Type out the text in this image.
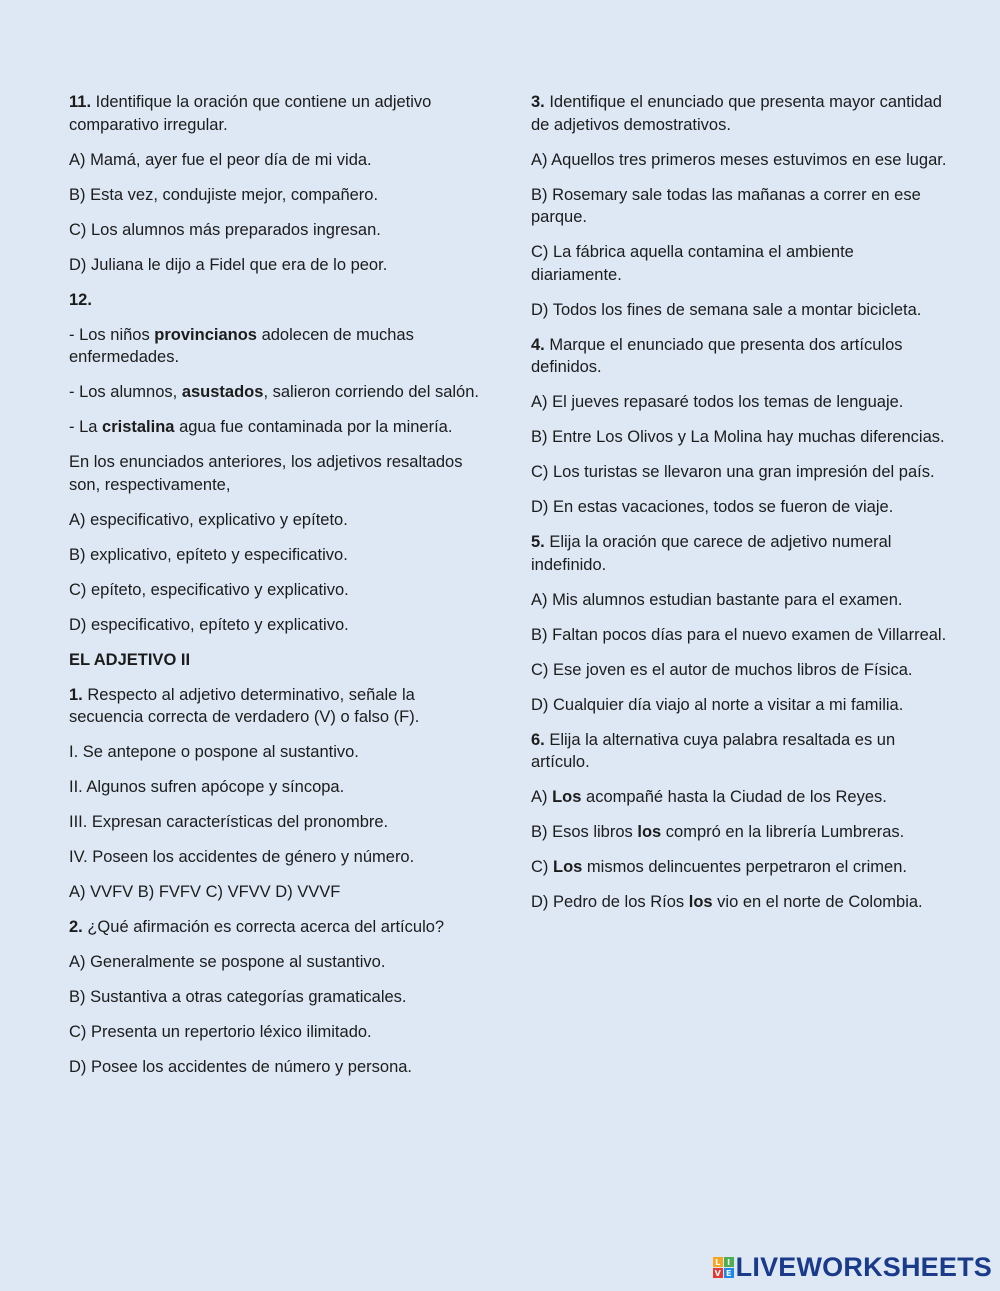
11. Identifique la oración que contiene un adjetivo comparativo irregular.

A) Mamá, ayer fue el peor día de mi vida.

B) Esta vez, condujiste mejor, compañero.

C) Los alumnos más preparados ingresan.

D) Juliana le dijo a Fidel que era de lo peor.

12.

- Los niños provincianos adolecen de muchas enfermedades.

- Los alumnos, asustados, salieron corriendo del salón.

- La cristalina agua fue contaminada por la minería.

En los enunciados anteriores, los adjetivos resaltados son, respectivamente,

A) especificativo, explicativo y epíteto.

B) explicativo, epíteto y especificativo.

C) epíteto, especificativo y explicativo.

D) especificativo, epíteto y explicativo.

EL ADJETIVO II

1. Respecto al adjetivo determinativo, señale la secuencia correcta de verdadero (V) o falso (F).

I. Se antepone o pospone al sustantivo.

II. Algunos sufren apócope y síncopa.

III. Expresan características del pronombre.

IV. Poseen los accidentes de género y número.

A) VVFV B) FVFV C) VFVV D) VVVF

2. ¿Qué afirmación es correcta acerca del artículo?

A) Generalmente se pospone al sustantivo.

B) Sustantiva a otras categorías gramaticales.

C) Presenta un repertorio léxico ilimitado.

D) Posee los accidentes de número y persona.

3. Identifique el enunciado que presenta mayor cantidad de adjetivos demostrativos.

A) Aquellos tres primeros meses estuvimos en ese lugar.

B) Rosemary sale todas las mañanas a correr en ese parque.

C) La fábrica aquella contamina el ambiente diariamente.

D) Todos los fines de semana sale a montar bicicleta.

4. Marque el enunciado que presenta dos artículos definidos.

A) El jueves repasaré todos los temas de lenguaje.

B) Entre Los Olivos y La Molina hay muchas diferencias.

C) Los turistas se llevaron una gran impresión del país.

D) En estas vacaciones, todos se fueron de viaje.

5. Elija la oración que carece de adjetivo numeral indefinido.

A) Mis alumnos estudian bastante para el examen.

B) Faltan pocos días para el nuevo examen de Villarreal.

C) Ese joven es el autor de muchos libros de Física.

D) Cualquier día viajo al norte a visitar a mi familia.

6. Elija la alternativa cuya palabra resaltada es un artículo.

A) Los acompañé hasta la Ciudad de los Reyes.

B) Esos libros los compró en la librería Lumbreras.

C) Los mismos delincuentes perpetraron el crimen.

D) Pedro de los Ríos los vio en el norte de Colombia.

L I
V E LIVEWORKSHEETS
